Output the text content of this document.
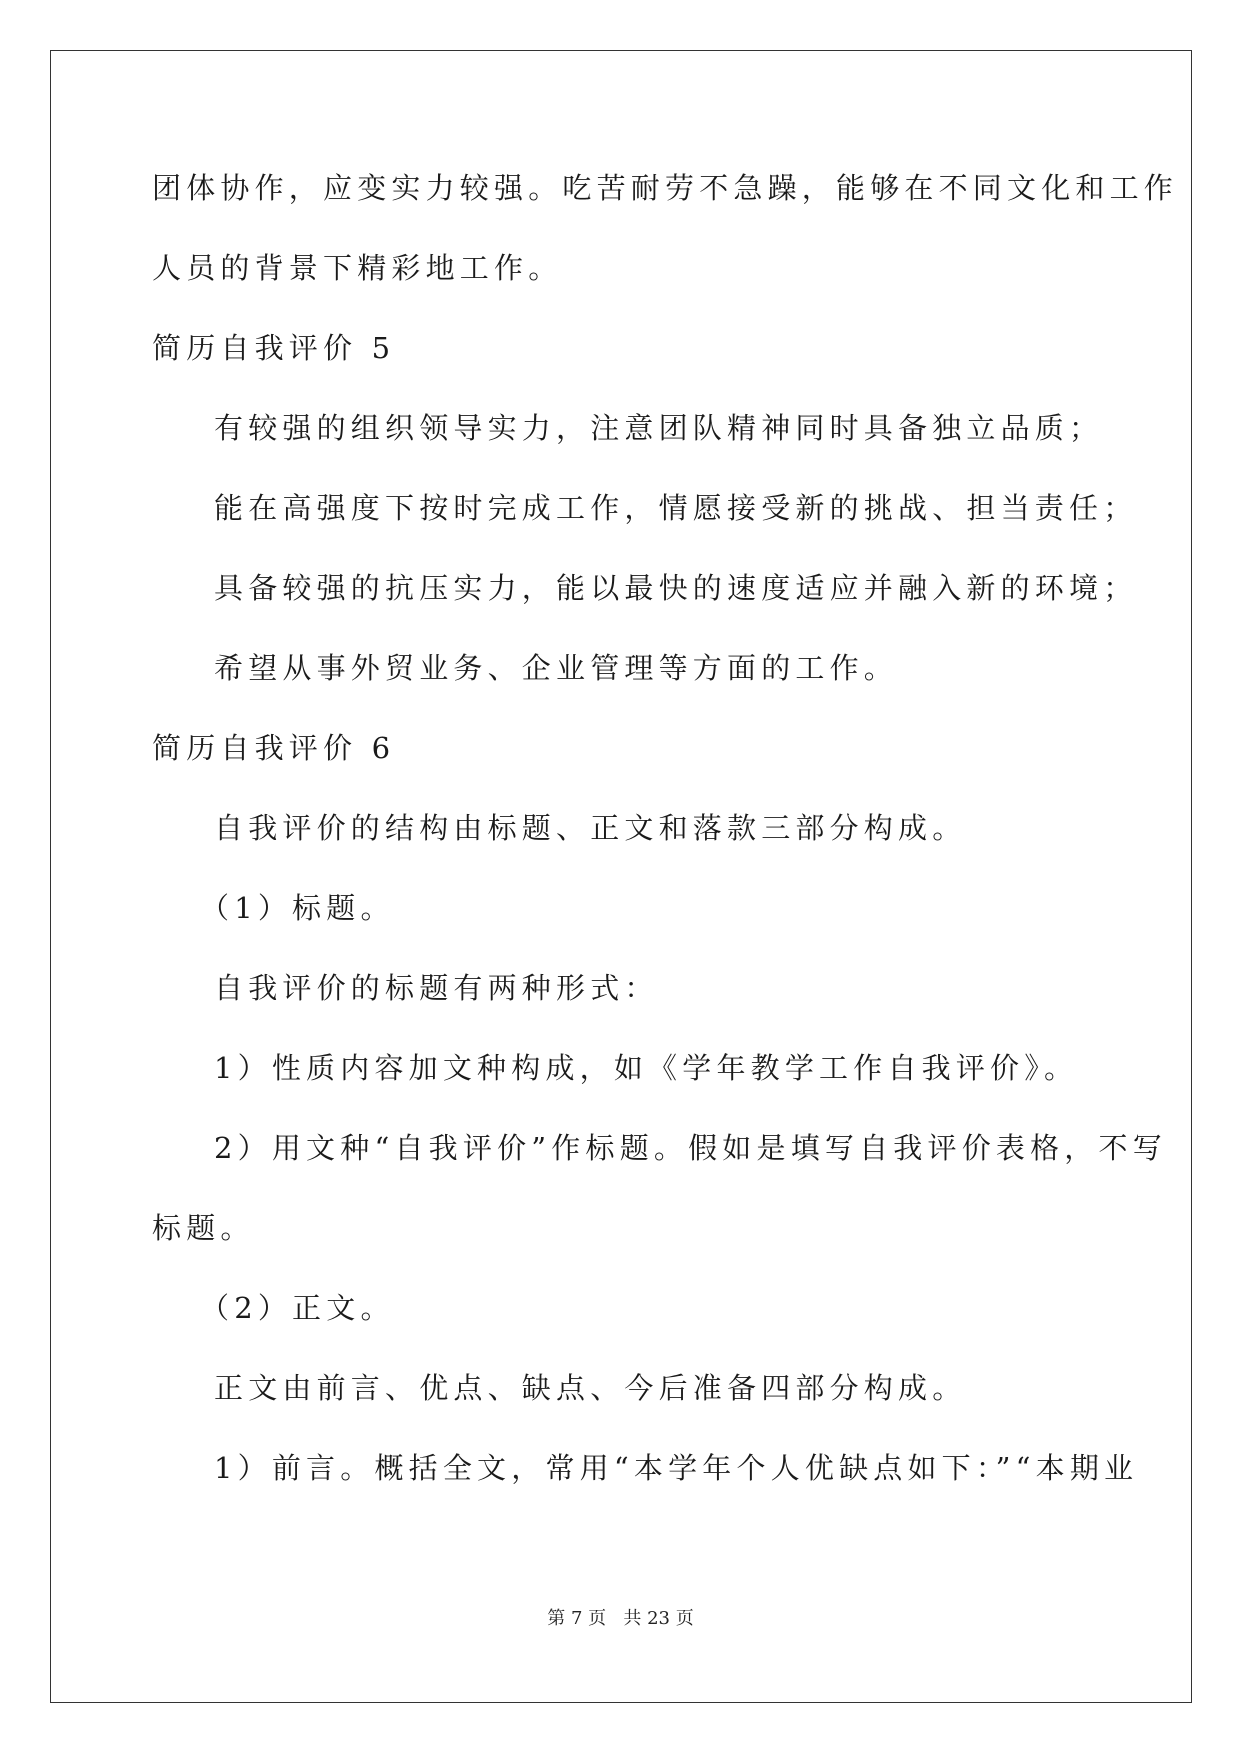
团体协作，应变实力较强。吃苦耐劳不急躁，能够在不同文化和工作
人员的背景下精彩地工作。
简历自我评价 5
有较强的组织领导实力，注意团队精神同时具备独立品质；
能在高强度下按时完成工作，情愿接受新的挑战、担当责任；
具备较强的抗压实力，能以最快的速度适应并融入新的环境；
希望从事外贸业务、企业管理等方面的工作。
简历自我评价 6
自我评价的结构由标题、正文和落款三部分构成。
（1）标题。
自我评价的标题有两种形式：
1）性质内容加文种构成，如《学年教学工作自我评价》。
2）用文种“自我评价”作标题。假如是填写自我评价表格，不写
标题。
（2）正文。
正文由前言、优点、缺点、今后准备四部分构成。
1）前言。概括全文，常用“本学年个人优缺点如下：”“本期业
第 7 页   共 23 页
